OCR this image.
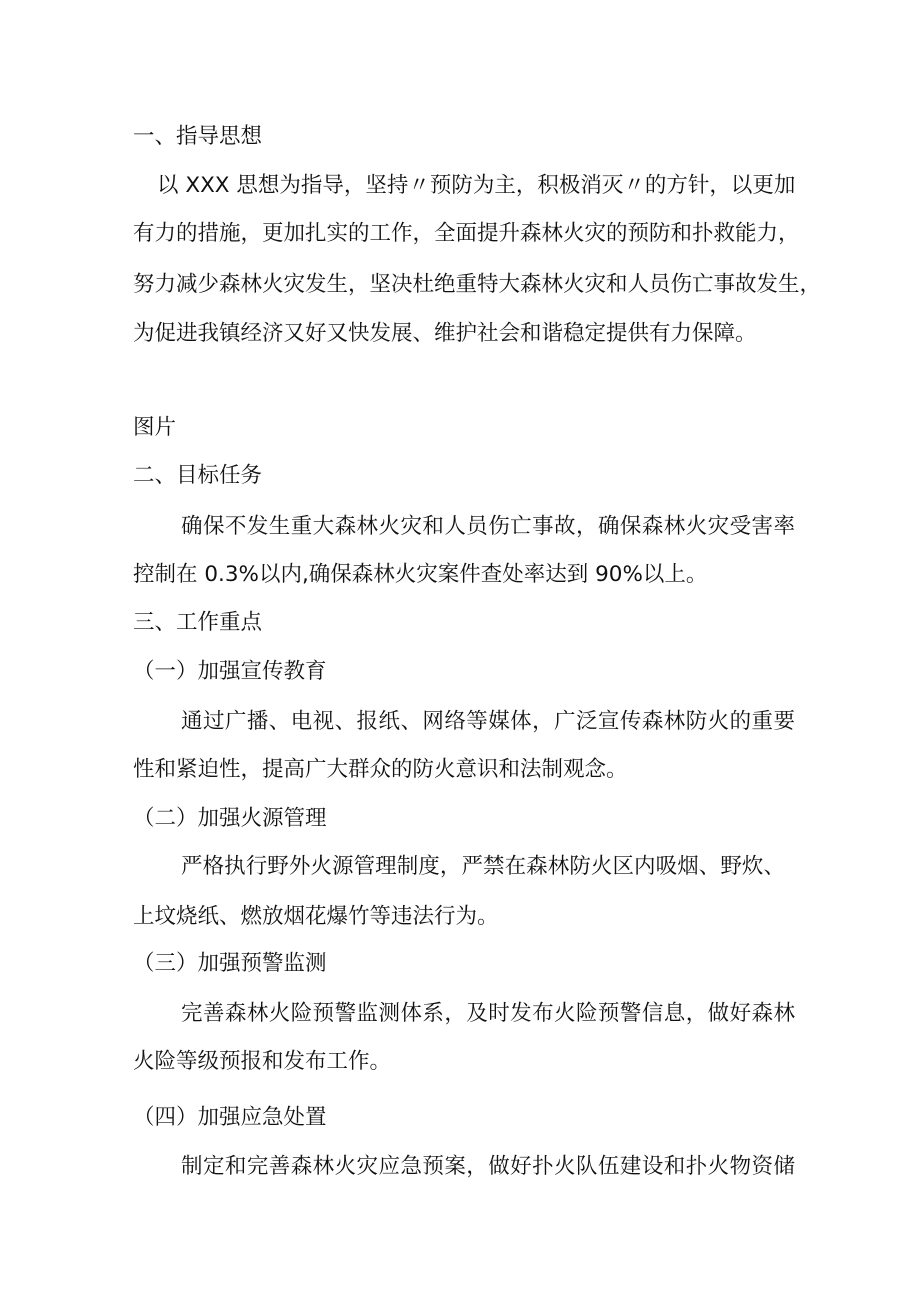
一、指导思想
以 XXX 思想为指导，坚持〃预防为主，积极消灭〃的方针，以更加
有力的措施，更加扎实的工作，全面提升森林火灾的预防和扑救能力，
努力减少森林火灾发生，坚决杜绝重特大森林火灾和人员伤亡事故发生，
为促进我镇经济又好又快发展、维护社会和谐稳定提供有力保障。
图片
二、目标任务
确保不发生重大森林火灾和人员伤亡事故，确保森林火灾受害率
控制在 0.3%以内,确保森林火灾案件查处率达到 90%以上。
三、工作重点
（一）加强宣传教育
通过广播、电视、报纸、网络等媒体，广泛宣传森林防火的重要
性和紧迫性，提高广大群众的防火意识和法制观念。
（二）加强火源管理
严格执行野外火源管理制度，严禁在森林防火区内吸烟、野炊、
上坟烧纸、燃放烟花爆竹等违法行为。
（三）加强预警监测
完善森林火险预警监测体系，及时发布火险预警信息，做好森林
火险等级预报和发布工作。
（四）加强应急处置
制定和完善森林火灾应急预案，做好扑火队伍建设和扑火物资储
